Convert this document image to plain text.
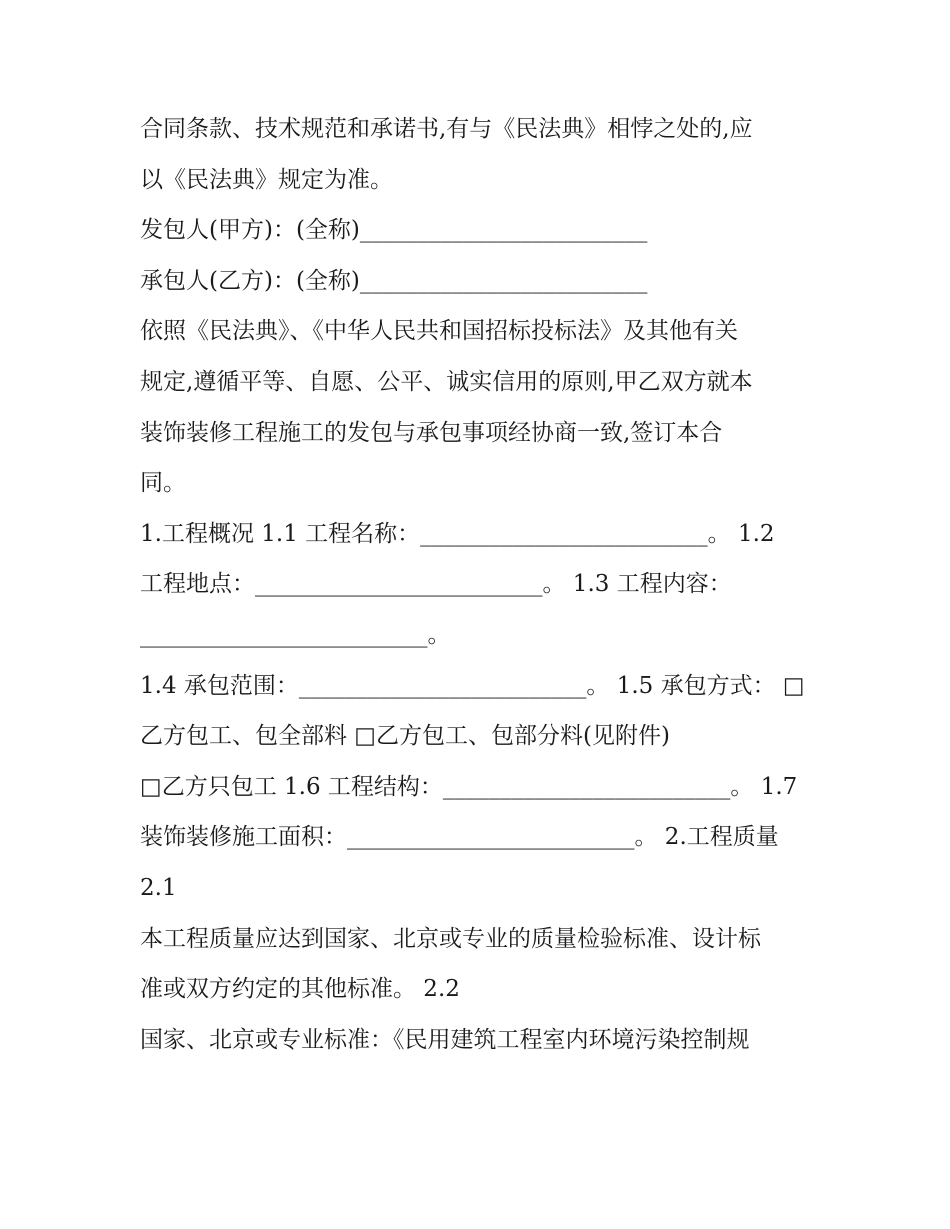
合同条款、技术规范和承诺书,有与《民法典》相悖之处的,应
以《民法典》规定为准。
发包人(甲方)：(全称)_________________________
承包人(乙方)：(全称)_________________________
依照《民法典》、《中华人民共和国招标投标法》及其他有关
规定,遵循平等、自愿、公平、诚实信用的原则,甲乙双方就本
装饰装修工程施工的发包与承包事项经协商一致,签订本合
同。
1.工程概况 1.1 工程名称：_________________________。 1.2
工程地点：_________________________。 1.3 工程内容：
_________________________。
1.4 承包范围：_________________________。 1.5 承包方式： □
乙方包工、包全部料 □乙方包工、包部分料(见附件)
□乙方只包工 1.6 工程结构：_________________________。 1.7
装饰装修施工面积：_________________________。 2.工程质量
2.1
本工程质量应达到国家、北京或专业的质量检验标准、设计标
准或双方约定的其他标准。 2.2
国家、北京或专业标准：《民用建筑工程室内环境污染控制规
